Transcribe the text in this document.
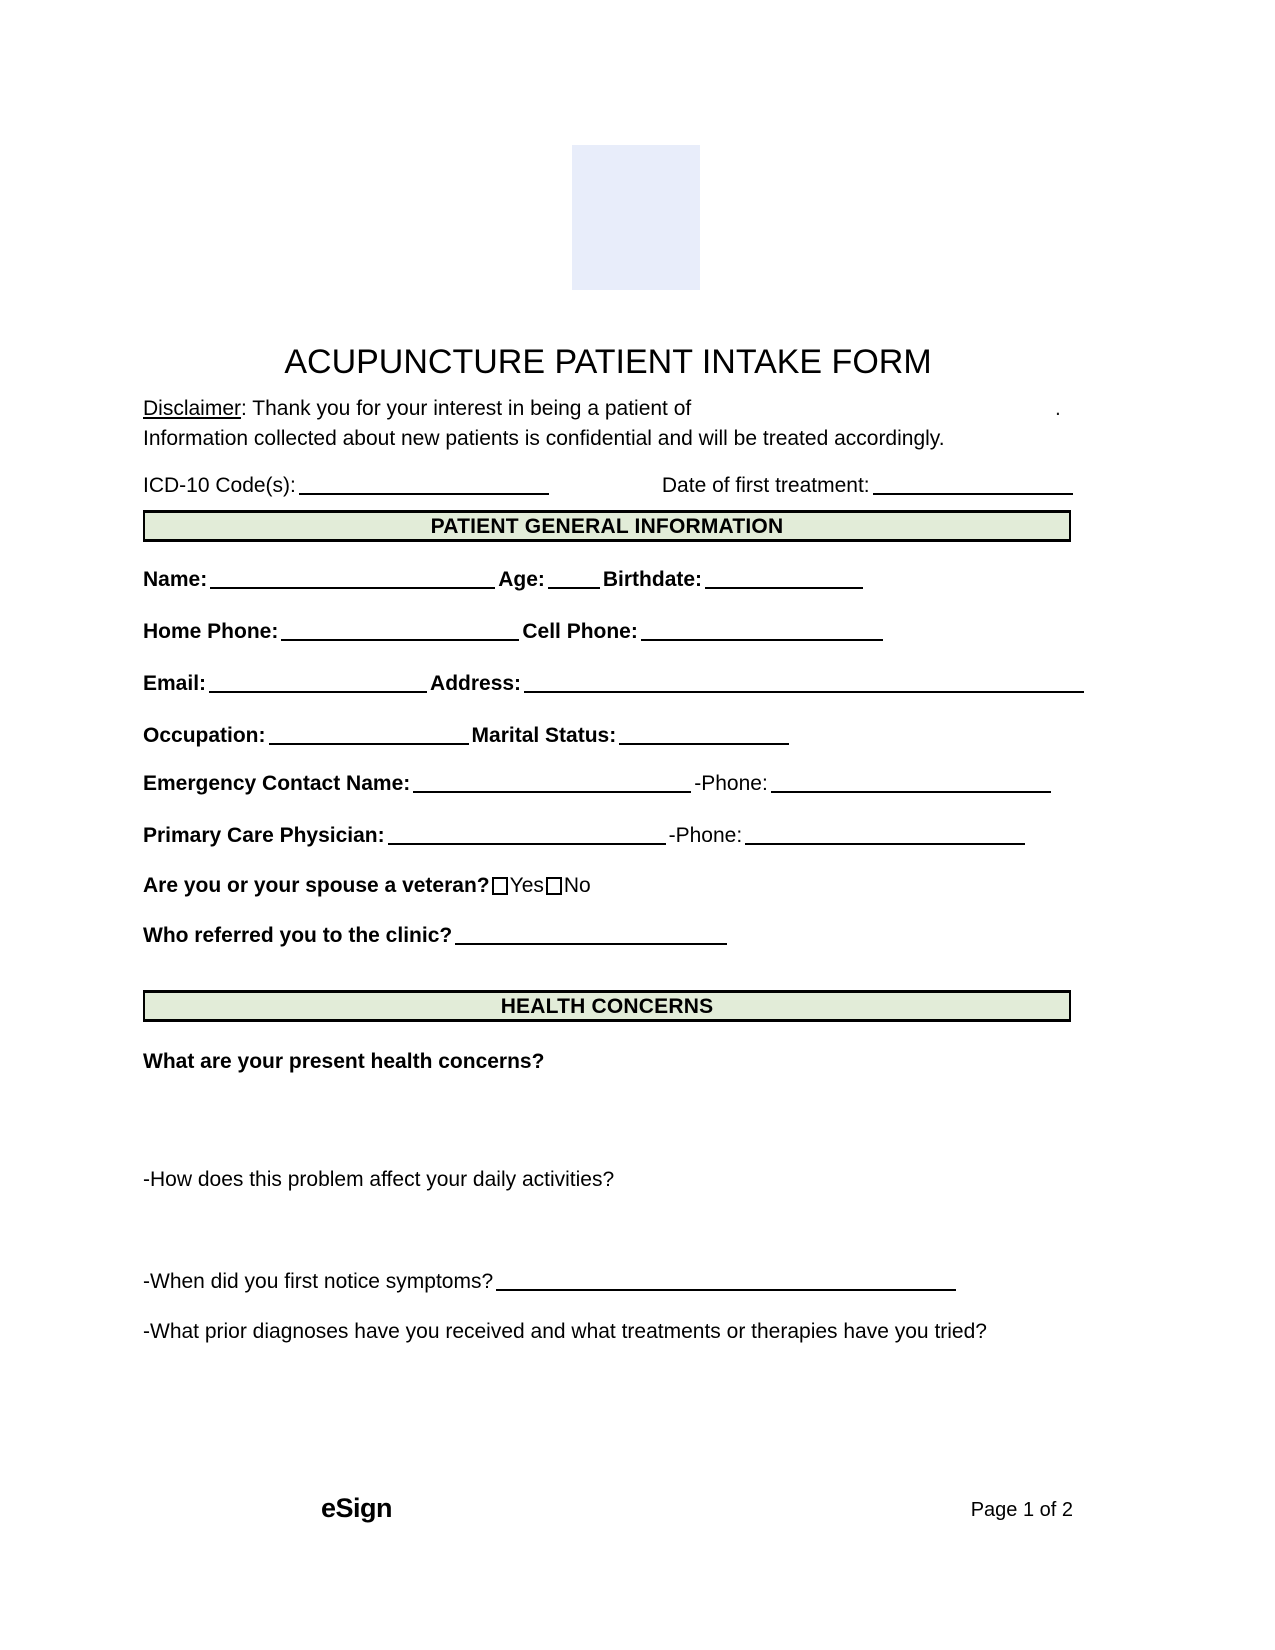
ACUPUNCTURE PATIENT INTAKE FORM
Disclaimer: Thank you for your interest in being a patient of	.

Information collected about new patients is confidential and will be treated accordingly.
ICD-10 Code(s):	Date of first treatment:
PATIENT GENERAL INFORMATION
Name:	Age:	Birthdate:
Home Phone:	Cell Phone:
Email:	Address:
Occupation:	Marital Status:
Emergency Contact Name:	-Phone:
Primary Care Physician:	-Phone:
Are you or your spouse a veteran? Yes No
Who referred you to the clinic?
HEALTH CONCERNS
What are your present health concerns?
-How does this problem affect your daily activities?
-When did you first notice symptoms?
-What prior diagnoses have you received and what treatments or therapies have you tried?
eSign	Page 1 of 2
